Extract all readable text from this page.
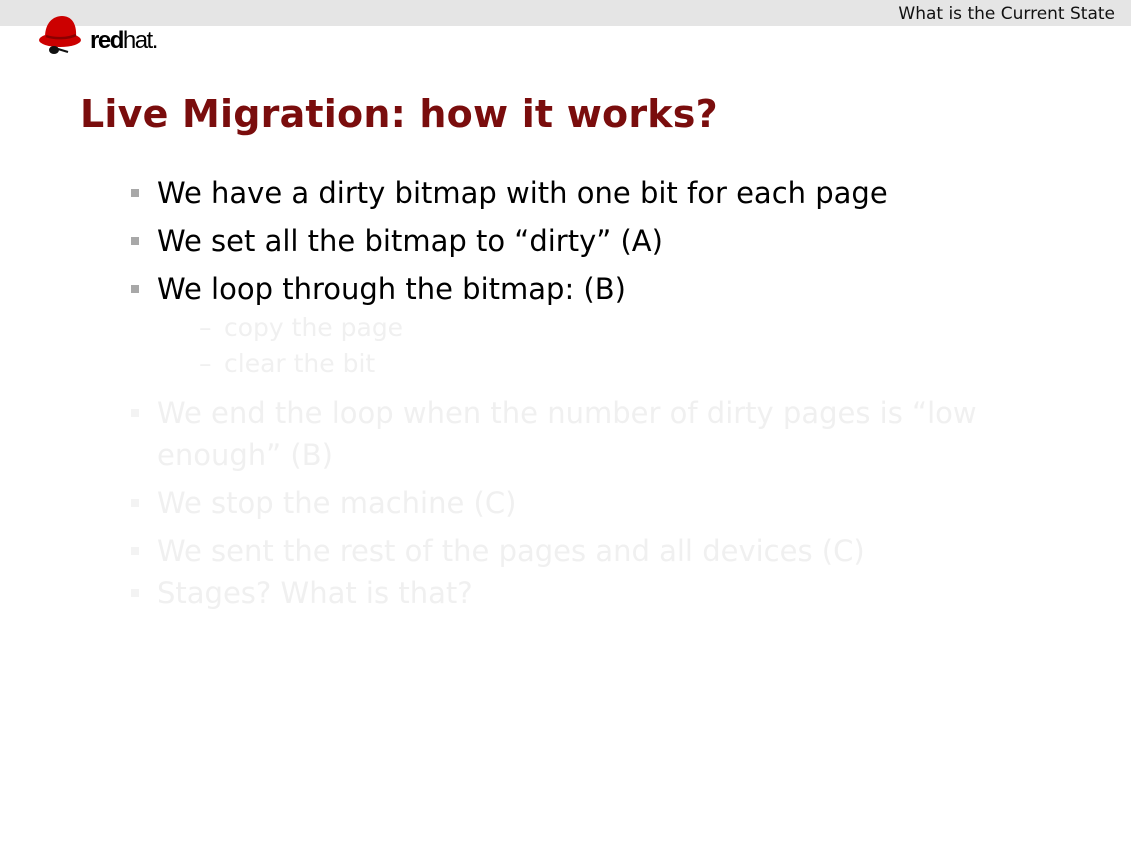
What is the Current State
redhat.
Live Migration: how it works?
We have a dirty bitmap with one bit for each page
We set all the bitmap to “dirty” (A)
We loop through the bitmap: (B)
– copy the page
– clear the bit
We end the loop when the number of dirty pages is “low enough” (B)
We stop the machine (C)
We sent the rest of the pages and all devices (C)
Stages? What is that?
